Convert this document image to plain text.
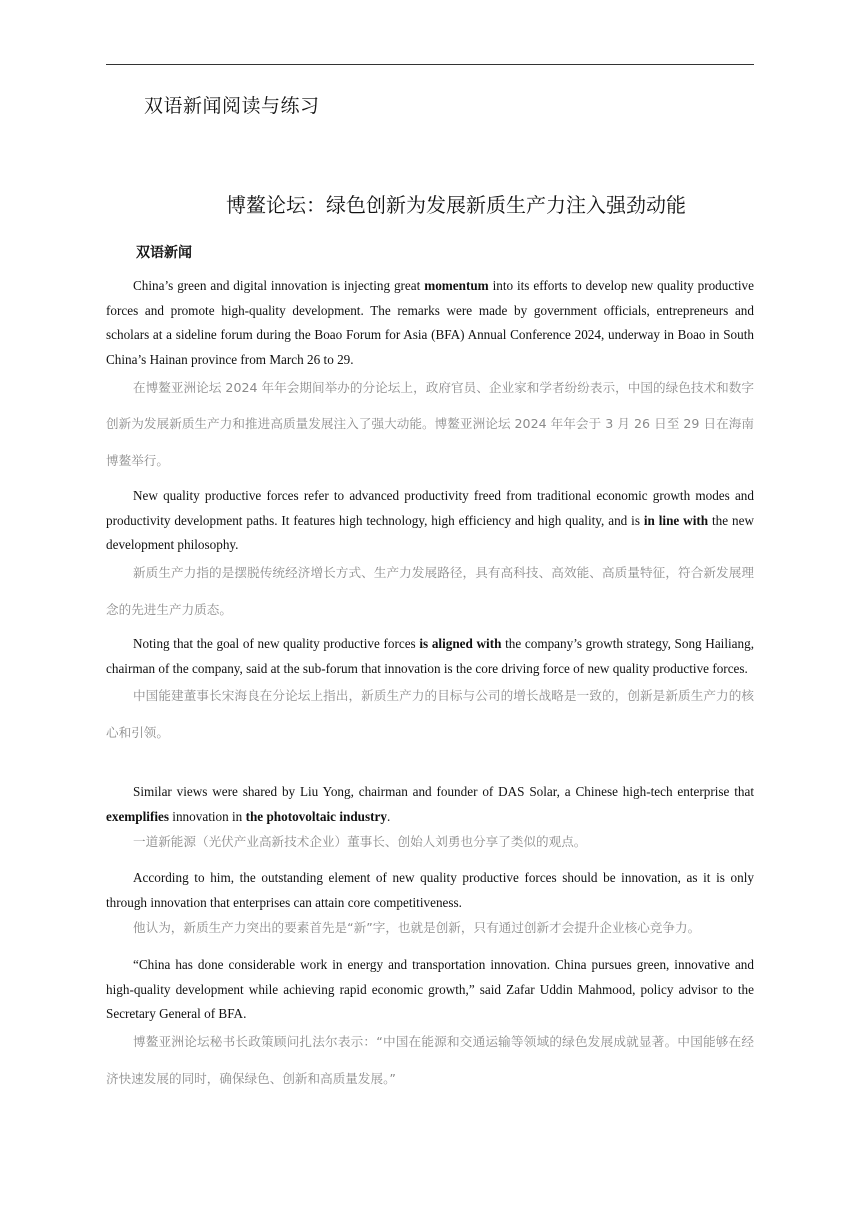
双语新闻阅读与练习
博鳌论坛：绿色创新为发展新质生产力注入强劲动能
双语新闻

China’s green and digital innovation is injecting great momentum into its efforts to develop new quality productive forces and promote high-quality development. The remarks were made by government officials, entrepreneurs and scholars at a sideline forum during the Boao Forum for Asia (BFA) Annual Conference 2024, underway in Boao in South China’s Hainan province from March 26 to 29.

在博鳌亚洲论坛 2024 年年会期间举办的分论坛上，政府官员、企业家和学者纷纷表示，中国的绿色技术和数字创新为发展新质生产力和推进高质量发展注入了强大动能。博鳌亚洲论坛 2024 年年会于 3 月 26 日至 29 日在海南博鳌举行。

New quality productive forces refer to advanced productivity freed from traditional economic growth modes and productivity development paths. It features high technology, high efficiency and high quality, and is in line with the new development philosophy.

新质生产力指的是摆脱传统经济增长方式、生产力发展路径，具有高科技、高效能、高质量特征，符合新发展理念的先进生产力质态。

Noting that the goal of new quality productive forces is aligned with the company’s growth strategy, Song Hailiang, chairman of the company, said at the sub-forum that innovation is the core driving force of new quality productive forces.

中国能建董事长宋海良在分论坛上指出，新质生产力的目标与公司的增长战略是一致的，创新是新质生产力的核心和引领。

Similar views were shared by Liu Yong, chairman and founder of DAS Solar, a Chinese high-tech enterprise that exemplifies innovation in the photovoltaic industry.

一道新能源（光伏产业高新技术企业）董事长、创始人刘勇也分享了类似的观点。

According to him, the outstanding element of new quality productive forces should be innovation, as it is only through innovation that enterprises can attain core competitiveness.

他认为，新质生产力突出的要素首先是“新”字，也就是创新，只有通过创新才会提升企业核心竞争力。

“China has done considerable work in energy and transportation innovation. China pursues green, innovative and high-quality development while achieving rapid economic growth,” said Zafar Uddin Mahmood, policy advisor to the Secretary General of BFA.

博鳌亚洲论坛秘书长政策顾问扎法尔表示：“中国在能源和交通运输等领域的绿色发展成就显著。中国能够在经济快速发展的同时，确保绿色、创新和高质量发展。”
